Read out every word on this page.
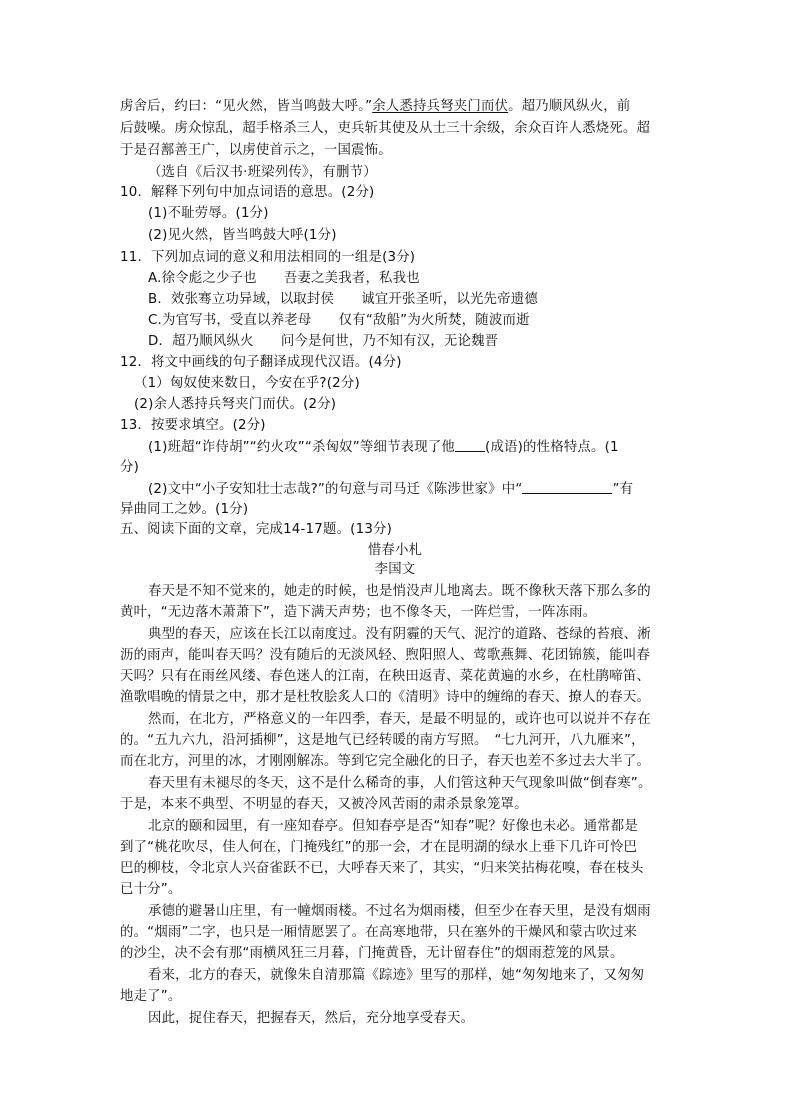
虏舍后，约曰：“见火然，皆当鸣鼓大呼。”余人悉持兵弩夹门而伏。超乃顺风纵火，前
后鼓噪。虏众惊乱，超手格杀三人，吏兵斩其使及从士三十余级，余众百许人悉烧死。超
于是召鄯善王广，以虏使首示之，一国震怖。
（选自《后汉书·班梁列传》，有删节）
10．解释下列句中加点词语的意思。(2分)
(1)不耻劳辱。(1分)
(2)见火然，皆当鸣鼓大呼(1分)
11．下列加点词的意义和用法相同的一组是(3分)
A.徐令彪之少子也　　吾妻之美我者，私我也
B．效张骞立功异域，以取封侯　　诚宜开张圣听，以光先帝遗德
C.为官写书，受直以养老母　　仅有“敌船”为火所焚，随波而逝
D．超乃顺风纵火　　问今是何世，乃不知有汉，无论魏晋
12．将文中画线的句子翻译成现代汉语。(4分)
（1）匈奴使来数日，今安在乎?(2分)
(2)余人悉持兵弩夹门而伏。(2分)
13．按要求填空。(2分)
(1)班超“诈侍胡”“约火攻”“杀匈奴”等细节表现了他 (成语)的性格特点。(1
分)
(2)文中“小子安知壮士志哉?”的句意与司马迁《陈涉世家》中“	”有
异曲同工之妙。(1分)
五、阅读下面的文章，完成14-17题。(13分)
惜春小札
李国文
春天是不知不觉来的，她走的时候，也是悄没声儿地离去。既不像秋天落下那么多的
黄叶，“无边落木萧萧下”，造下满天声势；也不像冬天，一阵烂雪，一阵冻雨。
典型的春天，应该在长江以南度过。没有阴霾的天气、泥泞的道路、苍绿的苔痕、淅
沥的雨声，能叫春天吗？没有随后的无淡风轻、煦阳照人、莺歌燕舞、花团锦簇，能叫春
天吗？只有在雨丝风缕、春色迷人的江南，在秧田返青、菜花黄遍的水乡，在杜鹃啼笛、
渔歌唱晚的情景之中，那才是杜牧脍炙人口的《清明》诗中的缠绵的春天、撩人的春天。
然而，在北方，严格意义的一年四季，春天，是最不明显的，或许也可以说并不存在
的。“五九六九，沿河插柳”，这是地气已经转暖的南方写照。　“七九河开，八九雁来”，
而在北方，河里的冰，才刚刚解冻。等到它完全融化的日子，春天也差不多过去大半了。
春天里有未褪尽的冬天，这不是什么稀奇的事，人们管这种天气现象叫做“倒春寒”。
于是，本来不典型、不明显的春天，又被冷风苦雨的肃杀景象笼罩。
北京的颐和园里，有一座知春亭。但知春亭是否“知春”呢？好像也未必。通常都是
到了“桃花吹尽，佳人何在，门掩残红”的那一会，才在昆明湖的绿水上垂下几许可怜巴
巴的柳枝，令北京人兴奋雀跃不已，大呼春天来了，其实，“归来笑拈梅花嗅，春在枝头
已十分”。
承德的避暑山庄里，有一幢烟雨楼。不过名为烟雨楼，但至少在春天里，是没有烟雨
的。“烟雨”二字，也只是一厢情愿罢了。在高寒地带，只在塞外的干燥风和蒙古吹过来
的沙尘，决不会有那“雨横风狂三月暮，门掩黄昏，无计留春住”的烟雨惹笼的风景。
看来，北方的春天，就像朱自清那篇《踪迹》里写的那样，她“匆匆地来了，又匆匆
地走了”。
因此，捉住春天，把握春天，然后，充分地享受春天。
